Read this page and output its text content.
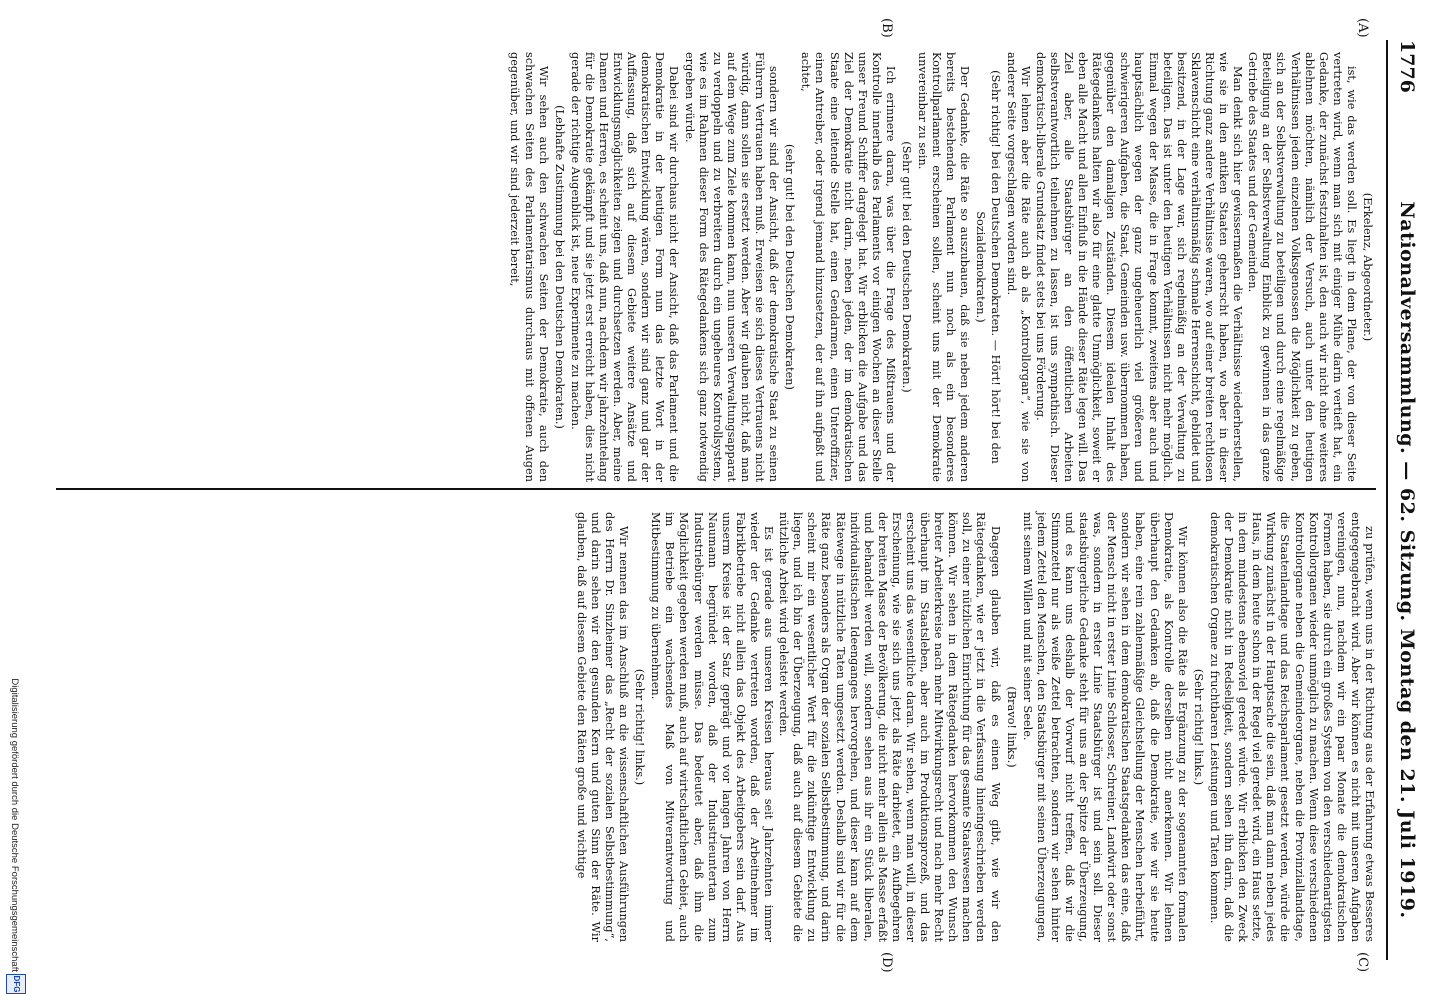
1776
Nationalversammlung. — 62. Sitzung. Montag den 21. Juli 1919.
(A)
(B)
(C)
(D)

(Erkelenz, Abgeordneter.)

ist, wie das werden soll. Es liegt in dem Plane, der von dieser Seite vertreten wird, wenn man sich mit einiger Mühe darin vertieft hat, ein Gedanke, der zunächst festzuhalten ist, den auch wir nicht ohne weiteres ablehnen möchten, nämlich der Versuch, auch unter den heutigen Verhältnissen jedem einzelnen Volksgenossen die Möglichkeit zu geben, sich an der Selbstverwaltung zu beteiligen und durch eine regelmäßige Beteiligung an der Selbstverwaltung Einblick zu gewinnen in das ganze Getriebe des Staates und der Gemeinden.

Man denkt sich hier gewissermaßen die Verhältnisse wiederherstellen, wie sie in den antiken Staaten geherrscht haben, wo aber in dieser Richtung ganz andere Verhältnisse waren, wo auf einer breiten rechtlosen Sklavenschicht eine verhältnismäßig schmale Herrenschicht, gebildet und besitzend, in der Lage war, sich regelmäßig an der Verwaltung zu beteiligen. Das ist unter den heutigen Verhältnissen nicht mehr möglich. Einmal wegen der Masse, die in Frage kommt, zweitens aber auch und hauptsächlich wegen der ganz ungeheuerlich viel größeren und schwierigeren Aufgaben, die Staat, Gemeinden usw. übernommen haben, gegenüber den damaligen Zuständen. Diesem idealen Inhalt des Rätegedankens halten wir also für eine glatte Unmöglichkeit, soweit er eben alle Macht und allen Einfluß in die Hände dieser Räte legen will. Das Ziel aber, alle Staatsbürger an den öffentlichen Arbeiten selbstverantwortlich teilnehmen zu lassen, ist uns sympathisch. Dieser demokratisch-liberale Grundsatz findet stets bei uns Förderung.

Wir lehnen aber die Räte auch ab als „Kontrollorgan“, wie sie von anderer Seite vorgeschlagen worden sind.

(Sehr richtig! bei den Deutschen Demokraten. — Hört! hört! bei den Sozialdemokraten.)

Der Gedanke, die Räte so auszubauen, daß sie neben jedem anderen bereits bestehenden Parlament nun noch als ein besonderes Kontrollparlament erscheinen sollen, scheint uns mit der Demokratie unvereinbar zu sein.

(Sehr gut! bei den Deutschen Demokraten.)

Ich erinnere daran, was über die Frage des Mißtrauens und der Kontrolle innerhalb des Parlaments vor einigen Wochen an dieser Stelle unser Freund Schiffer dargelegt hat. Wir erblicken die Aufgabe und das Ziel der Demokratie nicht darin, neben jeden, der im demokratischen Staate eine leitende Stelle hat, einen Gendarmen, einen Unteroffizier, einen Antreiber, oder irgend jemand hinzusetzen, der auf ihn aufpaßt und achtet,

(sehr gut! bei den Deutschen Demokraten)

sondern wir sind der Ansicht, daß der demokratische Staat zu seinen Führern Vertrauen haben muß. Erweisen sie sich dieses Vertrauens nicht würdig, dann sollen sie ersetzt werden. Aber wir glauben nicht, daß man auf dem Wege zum Ziele kommen kann, nun unseren Verwaltungsapparat zu verdoppeln und zu verbreitern durch ein ungeheures Kontrollsystem, wie es im Rahmen dieser Form des Rätegedankens sich ganz notwendig ergeben würde.

Dabei sind wir durchaus nicht der Ansicht, daß das Parlament und die Demokratie in der heutigen Form nun das letzte Wort in der demokratischen Entwicklung wären, sondern wir sind ganz und gar der Auffassung, daß sich auf diesem Gebiete weitere Ansätze und Entwicklungsmöglichkeiten zeigen und durchsetzen werden. Aber, meine Damen und Herren, es scheint uns, daß nun, nachdem wir jahrzehntelang für die Demokratie gekämpft und sie jetzt erst erreicht haben, dies nicht gerade der richtige Augenblick ist, neue Experimente zu machen.

(Lebhafte Zustimmung bei den Deutschen Demokraten.)

Wir sehen auch den schwachen Seiten der Demokratie, auch den schwachen Seiten des Parlamentarismus durchaus mit offenen Augen gegenüber, und wir sind jederzeit bereit,

zu prüfen, wenn uns in der Richtung aus der Erfahrung etwas Besseres entgegengebracht wird. Aber wir können es nicht mit unseren Aufgaben vereinigen, nun, nachdem wir ein paar Monate die demokratischen Formen haben, sie durch ein großes System von den verschiedenartigsten Kontrollorganen wieder unmöglich zu machen. Wenn diese verschiedenen Kontrollorgane neben die Gemeindeorgane, neben die Provinziallandtage, die Staatenlandtage und das Reichsparlament gesetzt werden, würde die Wirkung zunächst in der Hauptsache die sein, daß man dann neben jedes Haus, in dem heute schon in der Regel viel geredet wird, ein Haus setzte, in dem mindestens ebensoviel geredet würde. Wir erblicken den Zweck der Demokratie nicht in Redseligkeit, sondern sehen ihn darin, daß die demokratischen Organe zu fruchtbaren Leistungen und Taten kommen.

(Sehr richtig! links.)

Wir können also die Räte als Ergänzung zu der sogenannten formalen Demokratie, als Kontrolle derselben nicht anerkennen. Wir lehnen überhaupt den Gedanken ab, daß die Demokratie, wie wir sie heute haben, eine rein zahlenmäßige Gleichstellung der Menschen herbeiführt, sondern wir sehen in dem demokratischen Staatsgedanken das eine, daß der Mensch nicht in erster Linie Schlosser, Schreiner, Landwirt oder sonst was, sondern in erster Linie Staatsbürger ist und sein soll. Dieser staatsbürgerliche Gedanke steht für uns an der Spitze der Überzeugung, und es kann uns deshalb der Vorwurf nicht treffen, daß wir die Stimmzettel nur als weiße Zettel betrachten, sondern wir sehen hinter jedem Zettel den Menschen, den Staatsbürger mit seinen Überzeugungen, mit seinem Willen und mit seiner Seele.

(Bravo! links.)

Dagegen glauben wir, daß es einen Weg gibt, wie wir den Rätegedanken, wie er jetzt in die Verfassung hineingeschrieben werden soll, zu einer nützlichen Einrichtung für das gesamte Staatswesen machen können. Wir sehen in dem Rätegedanken hervorkommen den Wunsch breiter Arbeiterkreise nach mehr Mitwirkungsrecht und nach mehr Recht überhaupt im Staatsleben, aber auch im Produktionsprozeß, und das erscheint uns das wesentliche daran. Wir sehen, wenn man will, in dieser Erscheinung, wie sie sich uns jetzt als Räte darbietet, ein Aufbegehren der breiten Masse der Bevölkerung, die nicht mehr allein als Masse erfaßt und behandelt werden will, sondern sehen aus ihr ein Stück liberalen, individualistischen Ideenganges hervorgehen, und dieser kann auf dem Rätewege in nützliche Taten umgesetzt werden. Deshalb sind wir für die Räte ganz besonders als Organ der sozialen Selbstbestimmung, und darin scheint mir ein wesentlicher Wert für die zukünftige Entwicklung zu liegen, und ich bin der Überzeugung, daß auch auf diesem Gebiete die nützliche Arbeit wird geleistet werden.

Es ist gerade aus unseren Kreisen heraus seit Jahrzehnten immer wieder der Gedanke vertreten worden, daß der Arbeitnehmer im Fabrikbetriebe nicht allein das Objekt des Arbeitgebers sein darf. Aus unserm Kreise ist der Satz geprägt und vor langen Jahren von Herrn Naumann begründet worden, daß der Industrieuntertan zum Industriebürger werden müsse. Das bedeutet aber, daß ihm die Möglichkeit gegeben werden muß, auch auf wirtschaftlichem Gebiet, auch im Betriebe ein wachsendes Maß von Mitverantwortung und Mitbestimmung zu übernehmen.

(Sehr richtig! links.)

Wir nennen das im Anschluß an die wissenschaftlichen Ausführungen des Herrn Dr. Sinzheimer das „Recht der sozialen Selbstbestimmung“, und darin sehen wir den gesunden Kern und guten Sinn der Räte. Wir glauben, daß auf diesem Gebiete den Räten große und wichtige

Digitalisierung gefördert durch die Deutsche Forschungsgemeinschaft
DFG
